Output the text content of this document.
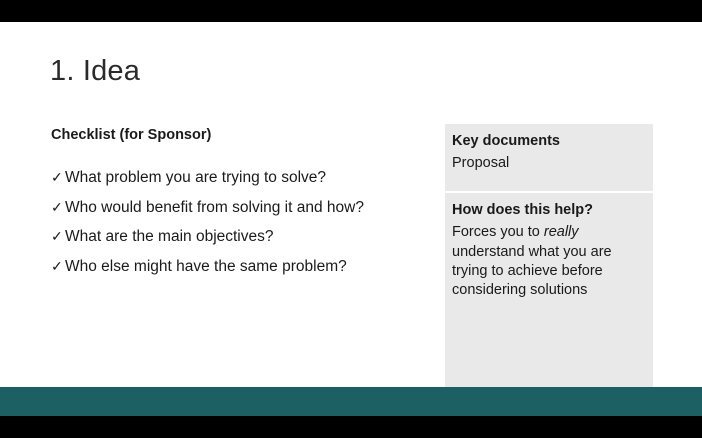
1. Idea
Checklist (for Sponsor)
✓ What problem you are trying to solve?
✓ Who would benefit from solving it and how?
✓ What are the main objectives?
✓ Who else might have the same problem?
Key documents
Proposal
How does this help?
Forces you to really understand what you are trying to achieve before considering solutions
